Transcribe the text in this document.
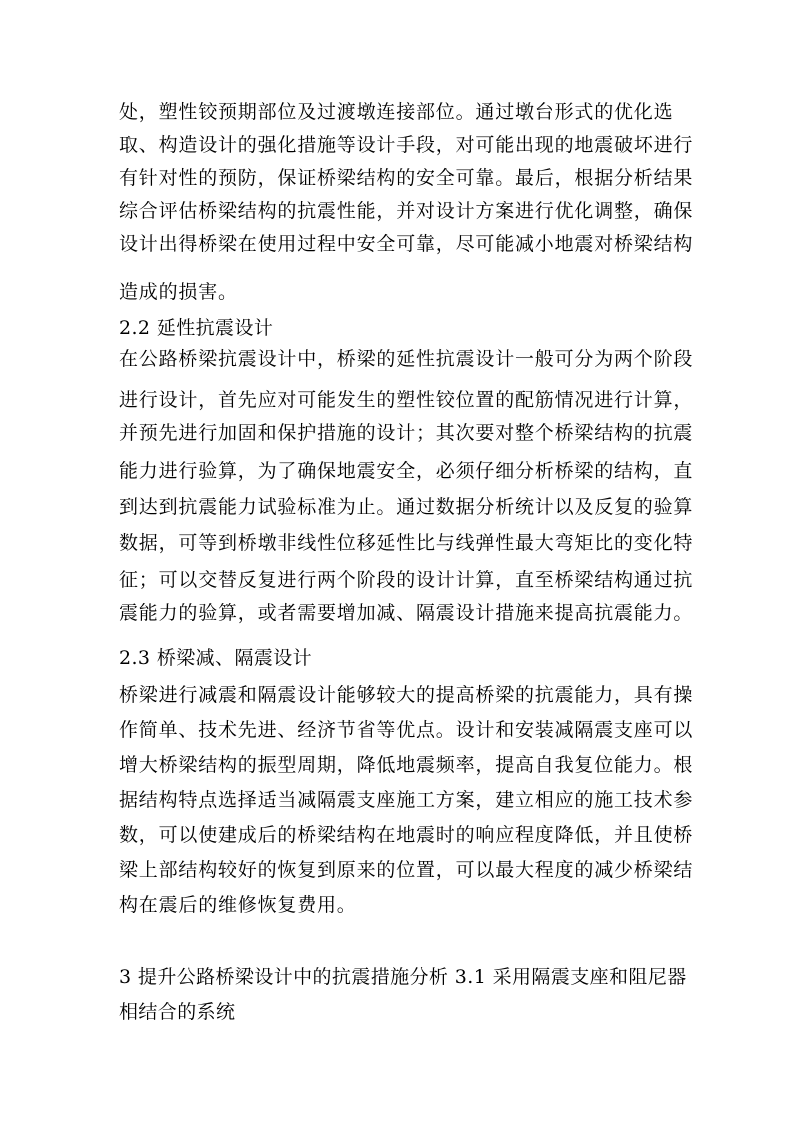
处，塑性铰预期部位及过渡墩连接部位。通过墩台形式的优化选
取、构造设计的强化措施等设计手段，对可能出现的地震破坏进行
有针对性的预防，保证桥梁结构的安全可靠。最后，根据分析结果
综合评估桥梁结构的抗震性能，并对设计方案进行优化调整，确保
设计出得桥梁在使用过程中安全可靠，尽可能减小地震对桥梁结构
造成的损害。
2.2 延性抗震设计
在公路桥梁抗震设计中，桥梁的延性抗震设计一般可分为两个阶段
进行设计，首先应对可能发生的塑性铰位置的配筋情况进行计算，
并预先进行加固和保护措施的设计；其次要对整个桥梁结构的抗震
能力进行验算，为了确保地震安全，必须仔细分析桥梁的结构，直
到达到抗震能力试验标准为止。通过数据分析统计以及反复的验算
数据，可等到桥墩非线性位移延性比与线弹性最大弯矩比的变化特
征；可以交替反复进行两个阶段的设计计算，直至桥梁结构通过抗
震能力的验算，或者需要增加减、隔震设计措施来提高抗震能力。
2.3 桥梁减、隔震设计
桥梁进行减震和隔震设计能够较大的提高桥梁的抗震能力，具有操
作简单、技术先进、经济节省等优点。设计和安装减隔震支座可以
增大桥梁结构的振型周期，降低地震频率，提高自我复位能力。根
据结构特点选择适当减隔震支座施工方案，建立相应的施工技术参
数，可以使建成后的桥梁结构在地震时的响应程度降低，并且使桥
梁上部结构较好的恢复到原来的位置，可以最大程度的减少桥梁结
构在震后的维修恢复费用。
3 提升公路桥梁设计中的抗震措施分析 3.1 采用隔震支座和阻尼器
相结合的系统
